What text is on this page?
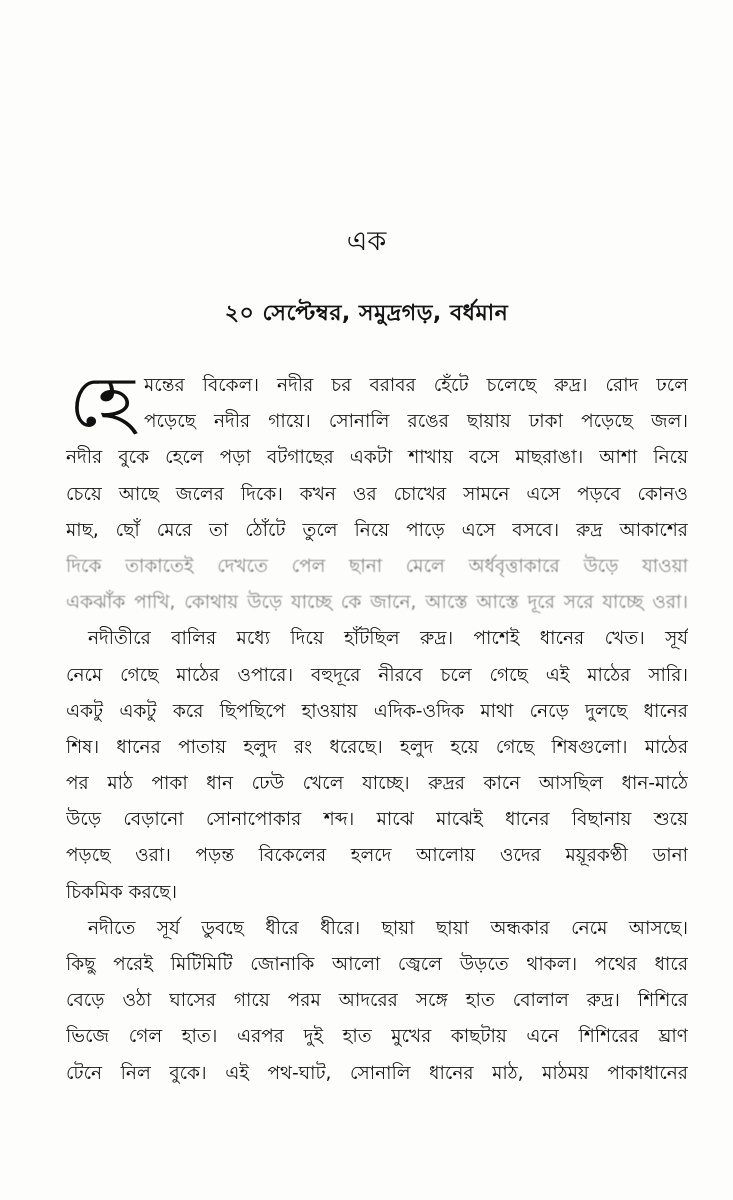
এক
২০ সেপ্টেম্বর, সমুদ্রগড়, বর্ধমান
হে মন্তের বিকেল। নদীর চর বরাবর হেঁটে চলেছে রুদ্র। রোদ ঢলে
পড়েছে নদীর গায়ে। সোনালি রঙের ছায়ায় ঢাকা পড়েছে জল।
নদীর বুকে হেলে পড়া বটগাছের একটা শাখায় বসে মাছরাঙা। আশা নিয়ে
চেয়ে আছে জলের দিকে। কখন ওর চোখের সামনে এসে পড়বে কোনও
মাছ, ছোঁ মেরে তা ঠোঁটে তুলে নিয়ে পাড়ে এসে বসবে। রুদ্র আকাশের
দিকে তাকাতেই দেখতে পেল ছানা মেলে অর্ধবৃত্তাকারে উড়ে যাওয়া
একঝাঁক পাখি, কোথায় উড়ে যাচ্ছে কে জানে, আস্তে আস্তে দূরে সরে যাচ্ছে ওরা।
নদীতীরে বালির মধ্যে দিয়ে হাঁটছিল রুদ্র। পাশেই ধানের খেত। সূর্য
নেমে গেছে মাঠের ওপারে। বহুদূরে নীরবে চলে গেছে এই মাঠের সারি।
একটু একটু করে ছিপছিপে হাওয়ায় এদিক-ওদিক মাথা নেড়ে দুলছে ধানের
শিষ। ধানের পাতায় হলুদ রং ধরেছে। হলুদ হয়ে গেছে শিষগুলো। মাঠের
পর মাঠ পাকা ধান ঢেউ খেলে যাচ্ছে। রুদ্রর কানে আসছিল ধান-মাঠে
উড়ে বেড়ানো সোনাপোকার শব্দ। মাঝে মাঝেই ধানের বিছানায় শুয়ে
পড়ছে ওরা। পড়ন্ত বিকেলের হলদে আলোয় ওদের ময়ূরকণ্ঠী ডানা
চিকমিক করছে।
নদীতে সূর্য ডুবছে ধীরে ধীরে। ছায়া ছায়া অন্ধকার নেমে আসছে।
কিছু পরেই মিটিমিটি জোনাকি আলো জ্বেলে উড়তে থাকল। পথের ধারে
বেড়ে ওঠা ঘাসের গায়ে পরম আদরের সঙ্গে হাত বোলাল রুদ্র। শিশিরে
ভিজে গেল হাত। এরপর দুই হাত মুখের কাছটায় এনে শিশিরের ঘ্রাণ
টেনে নিল বুকে। এই পথ-ঘাট, সোনালি ধানের মাঠ, মাঠময় পাকাধানের
